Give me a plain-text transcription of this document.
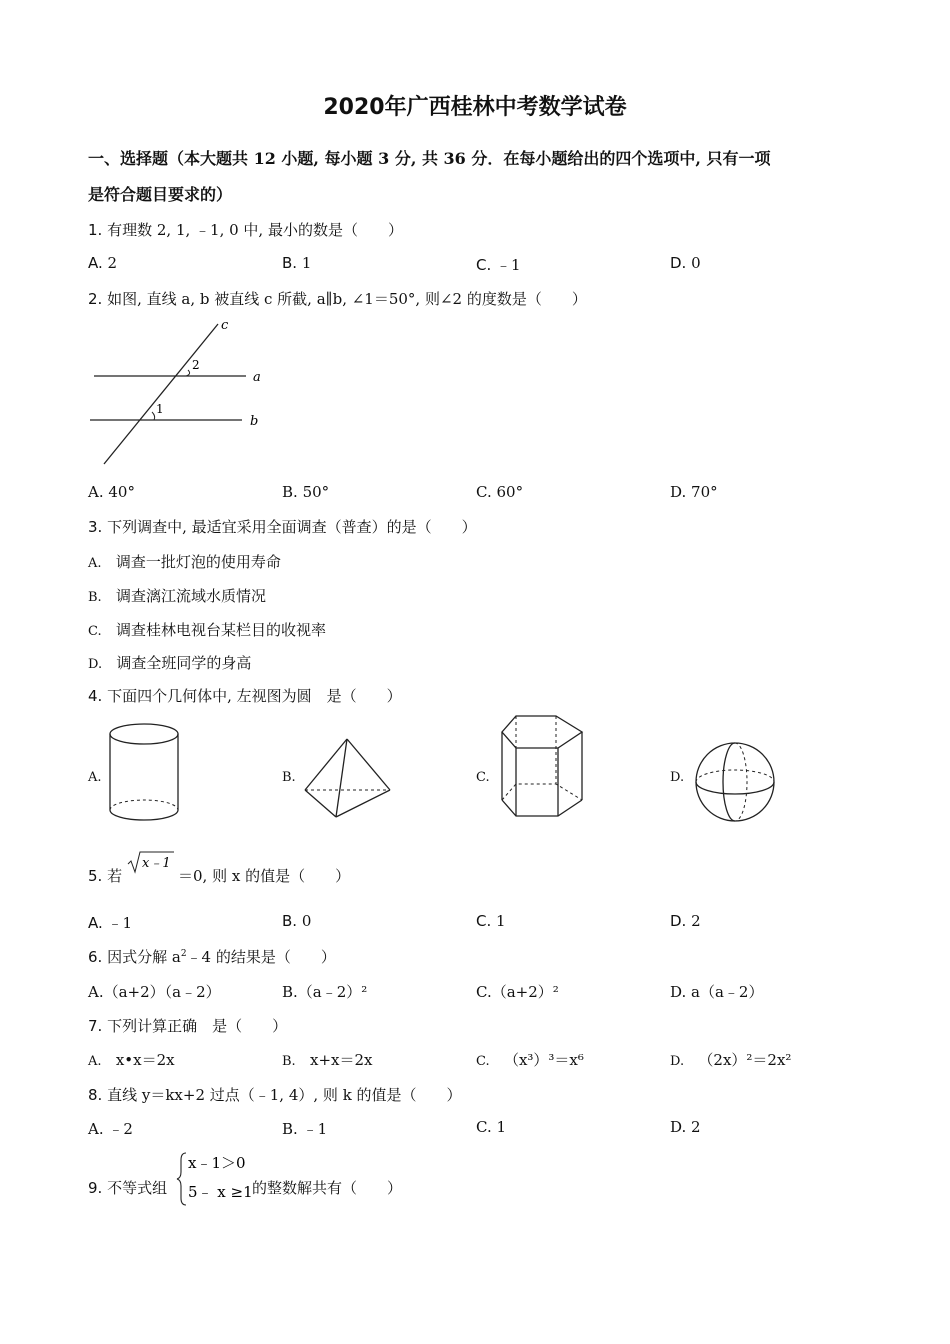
2020年广西桂林中考数学试卷
一、选择题（本大题共 12 小题, 每小题 3 分, 共 36 分．在每小题给出的四个选项中, 只有一项
是符合题目要求的）
1. 有理数 2, 1, ﹣1, 0 中, 最小的数是（　　）
A. 2	B. 1	C. ﹣1	D. 0
2. 如图, 直线 a, b 被直线 c 所截, a∥b, ∠1＝50°, 则∠2 的度数是（　　）
c
a
b
2
1
A. 40°	B. 50°	C. 60°	D. 70°
3. 下列调查中, 最适宜采用全面调查（普查）的是（　　）
A. 调查一批灯泡的使用寿命
B. 调查漓江流域水质情况
C. 调查桂林电视台某栏目的收视率
D. 调查全班同学的身高
4. 下面四个几何体中, 左视图为圆　是（　　）
A.	B.	C.	D.
5. 若
x﹣1
＝0, 则 x 的值是（　　）
A. ﹣1	B. 0	C. 1	D. 2
6. 因式分解 $a^2﹣4$ 的结果是（　　）
A.（a+2）（a﹣2）	B.（a﹣2）²	C.（a+2）²	D. a（a﹣2）
7. 下列计算正确　是（　　）
A. x•x＝2x	B. x+x＝2x	C. （x³）³＝x⁶	D. （2x）²＝2x²
8. 直线 y＝kx+2 过点（﹣1, 4）, 则 k 的值是（　　）
A. ﹣2	B. ﹣1	C. 1	D. 2
9. 不等式组
x﹣1＞0
5﹣ x ≥1 的整数解共有（　　）
